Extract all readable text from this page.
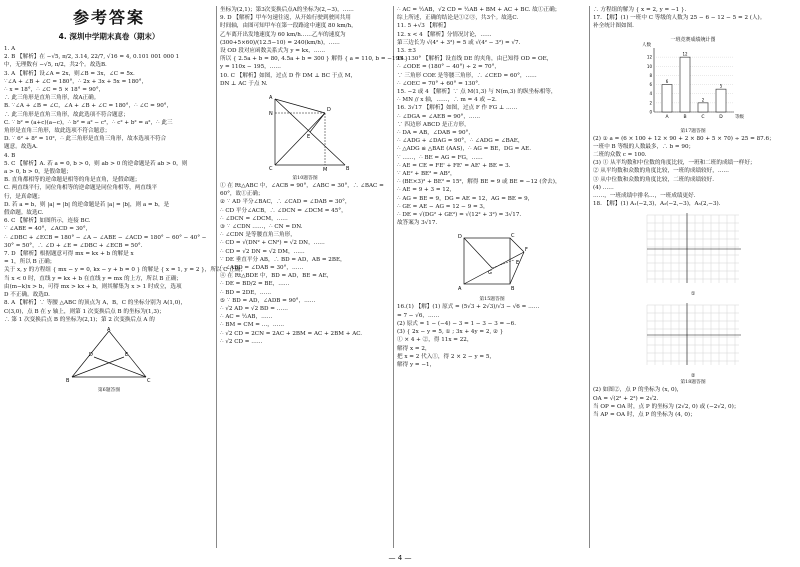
参考答案
4. 深圳中学期末真卷（期末）
1. A
2. B 【解析】在 −√5, π/2, 3.14, 22/7, √16 = 4, 0.101 001 000 1
中，无理数有 −√5, π/2，共2个。故选B.
3. A 【解析】设∠A = 2x，则∠B = 3x，∠C = 5x.
∵∠A + ∠B + ∠C = 180°，∴ 2x + 3x + 5x = 180°，
∴ x = 18°，∴ ∠C = 5 × 18° = 90°，
∴ 此三角形是直角三角形，故A正确。
B. ∵∠A + ∠B = ∠C，∠A + ∠B + ∠C = 180°，∴ ∠C = 90°，
∴ 此三角形是直角三角形，故此选项不符合题意；
C. ∵ b² = (a+c)(a−c)，∴ b² = a² − c²，∴ c² + b² = a²，∴ 此三
角形是直角三角形，故此选项不符合题意；
D. ∵ 6² + 8² = 10²，∴ 此三角形是直角三角形，故本选项不符合
题意。故选A.
4. B
5. C 【解析】A. 若 a = 0, b > 0，则 ab > 0 的逆命题是若 ab > 0，则
a > 0, b > 0，是假命题；
B. 直角都相等的逆命题是相等的角是直角，是假命题；
C. 两直线平行，同位角相等的逆命题是同位角相等，两直线平
行，是真命题；
D. 若 a = b，则 |a| = |b| 的逆命题是若 |a| = |b|，则 a = b，是
假命题。故选C.
6. C 【解析】如图所示，连接 BC.
∵ ∠ABE = 40°，∠ACD = 30°，
∴ ∠DBC + ∠ECB = 180° − ∠A − ∠ABE − ∠ACD = 180° − 60° − 40° −
30° = 50°，∴ ∠D + ∠E = ∠DBC + ∠ECB = 50°.
7. D 【解析】根据题意可得 mx = kx + b 的解是 x
= 1，所以 B 正确；
关于 x, y 的方程组 { mx − y = 0, kx − y + b = 0 } 的解是 { x = 1, y = 2 }，所以 C 正确；
当 x < 0 时，直线 y = kx + b 在直线 y = mx 的上方，所以 B 正确；
由(m−k)x > b，可得 mx > kx + b，则其解集为 x > 1 时成立，选项
D 不正确。故选D.
8. A 【解析】∵ 等腰 △ABC 的顶点为 A，B，C 的坐标分别为 A(1,0)，
C(3,0)，点 B 在 y 轴上，则第 1 次变换后点 B 的坐标为(1,3)；
∴ 第 1 次变换后点 B 的坐标为(2,1)；第 2 次变换后点 A 的
A
B	C
D	E
第6题答图
坐标为(2,1)；第3次变换后点A的坐标为(2,−3)，……
9. D 【解析】甲车匀速往返，从开始行驶到驶回共用
时间轴，由图可知甲车在第一段路途中速度 80 km/h，
乙车离开出发地速度为 60 km/h……乙车的速度为
(300+5×60)/(12.5−10) = 240(km/h)，……
设 OD 段对应函数关系式为 y = kx，……
所以 { 2.5a + b = 80, 4.5a + b = 300 } 解得 { a = 110, b = −195 }
y = 110x − 195，……
10. C 【解析】如图，过点 D 作 DM ⊥ BC 于点 M，
DN ⊥ AC 于点 N.
A
B
C
D
E
M
N
第10题答图
① 在 Rt△ABC 中，∠ACB = 90°，∠ABC = 30°，∴ ∠BAC =
60°，故①正确；
② ∵ AD 平分∠BAC，∴ ∠CAD = ∠DAB = 30°，
∴ CD 平分∠ACB，∴ ∠DCN = ∠DCM = 45°，
∴ ∠DCN = ∠DCM，……
③ ∵ ∠CDN ……，∴ CN = DN.
∴ ∠CDN 是等腰直角三角形，
∴ CD = √(DN² + CN²) = √2 DN，……
∴ CD = √2 DN = √2 DM，……
∵ DE 垂直平分 AB，∴ BD = AD，AB = 2BE，
∴ ∠ABD = ∠DAB = 30°，……
④ 在 Rt△BDE 中，BD = AD，BE = AE，
∴ DE = BD/2 = BE，……
∴ BD = 2DE，……
⑤ ∵ BD = AD，∠ADB = 90°，……
∴ √2 AD = √2 BD = ……
∴ AC = ½AB，……
∴ BM = CM = …，……
∴ √2 CD = 2CN = 2AC + 2BM = AC + 2BM + AC.
∴ √2 CD = ……
∴ AC = ½AB，√2 CD = ½AB + BM + AC + BC. 故①正确；
综上所述，正确的结论是①②③，共3个。故选C.
11. 5 +√3 【解析】
12. x < 4 【解析】分情况讨论，……
第三边长为 √(4² + 3²) = 5 或 √(4² − 3²) = √7.
13. ±3
14. 130° 【解析】设直线 DE 的夹角，由已知得 OD = OE，
∴ ∠ODE = (180° − 40°) ÷ 2 = 70°，
∵ 三角形 COE 是等腰三角形，∴ ∠CED = 60°，……
∴ ∠OEC = 70° + 60° = 130°.
15. −2 或 4 【解析】∵ 点 M(1,3) 与 N(m,3) 的纵坐标相等，
∴ MN // x 轴，……，∴ m = 4 或 −2.
16. 3√17 【解析】如图，过点 F 作 FG ⊥ ……
∴ ∠DGA = ∠AEB = 90°，……
∵ 四边形 ABCD 是正方形，
∴ DA = AB，∠DAB = 90°，
∴ ∠ADG + ∠DAG = 90°，∴ ∠ADG = ∠BAE，
∴ △ADG ≌ △BAE (AAS)，∴ AG = BE，DG = AE.
∵ ……，∴ BE = AG = FG，……
∴ AE = CE = FE' + FE' = AE' + BE = 3.
∵ AE² + BE² = AB²，
∴ (BE×3)² + BE² = 15²，解得 BE = 9 或 BE = −12 (舍去)，
∴ AE = 9 + 3 = 12，
∴ AG = BE = 9，DG = AE = 12，AG = BE = 9，
∴ GE = AE − AG = 12 − 9 = 3，
∴ DE = √(DG² + GE²) = √(12² + 3²) = 3√17.
故答案为 3√17.
A	B
C
D
E
F
G
第15题答图
16.(1) 【解】(1) 原式 = (5√3 + 2√3)/√3 − √6 = ……
= 7 − √6，……
(2) 原式 = 1 − (−4) − 3 = 1 − 3 − 3 = −6.
(3) { 2x − y = 5, ① ; 3x + 4y = 2, ② }
① × 4 + ②，得 11x = 22，
解得 x = 2，
把 x = 2 代入①，得 2 × 2 − y = 5，
解得 y = −1，
∴ 方程组的解为 { x = 2, y = −1 }.
17. 【解】(1) 一班中 C 等级的人数为 25 − 6 − 12 − 5 = 2 (人)。
补全统计图如图.
一班竞赛成绩统计图
人数
0
2
4
6
8
10
12
6
A
12
B
2
C
5
D	等级
第17题答图
(2) ① a = (6 × 100 + 12 × 90 + 2 × 80 + 5 × 70) ÷ 25 = 87.6；
一班中 B 等级的人数最多，∴ b = 90；
二班的众数 c = 100.
(3) ① 从平均数和中位数的角度比较，一班和二班的成绩一样好；
② 从平均数和众数的角度比较，一班的成绩较好，……
③ 从中位数和众数的角度比较，二班的成绩较好.
(4) ……
……，一班成绩中排名…，一班成绩更好.
18. 【解】(1) A₁(−2,3)，A₂(−2,−3)，A₃(2,−3).
①
②
第18题答图
(2) 如图②，点 P 的坐标为 (x, 0)，
OA = √(2² + 2²) = 2√2.
当 OP = OA 时，点 P 的坐标为 (2√2, 0) 或 (−2√2, 0)；
当 AP = OA 时，点 P 的坐标为 (4, 0)；
— 4 —
